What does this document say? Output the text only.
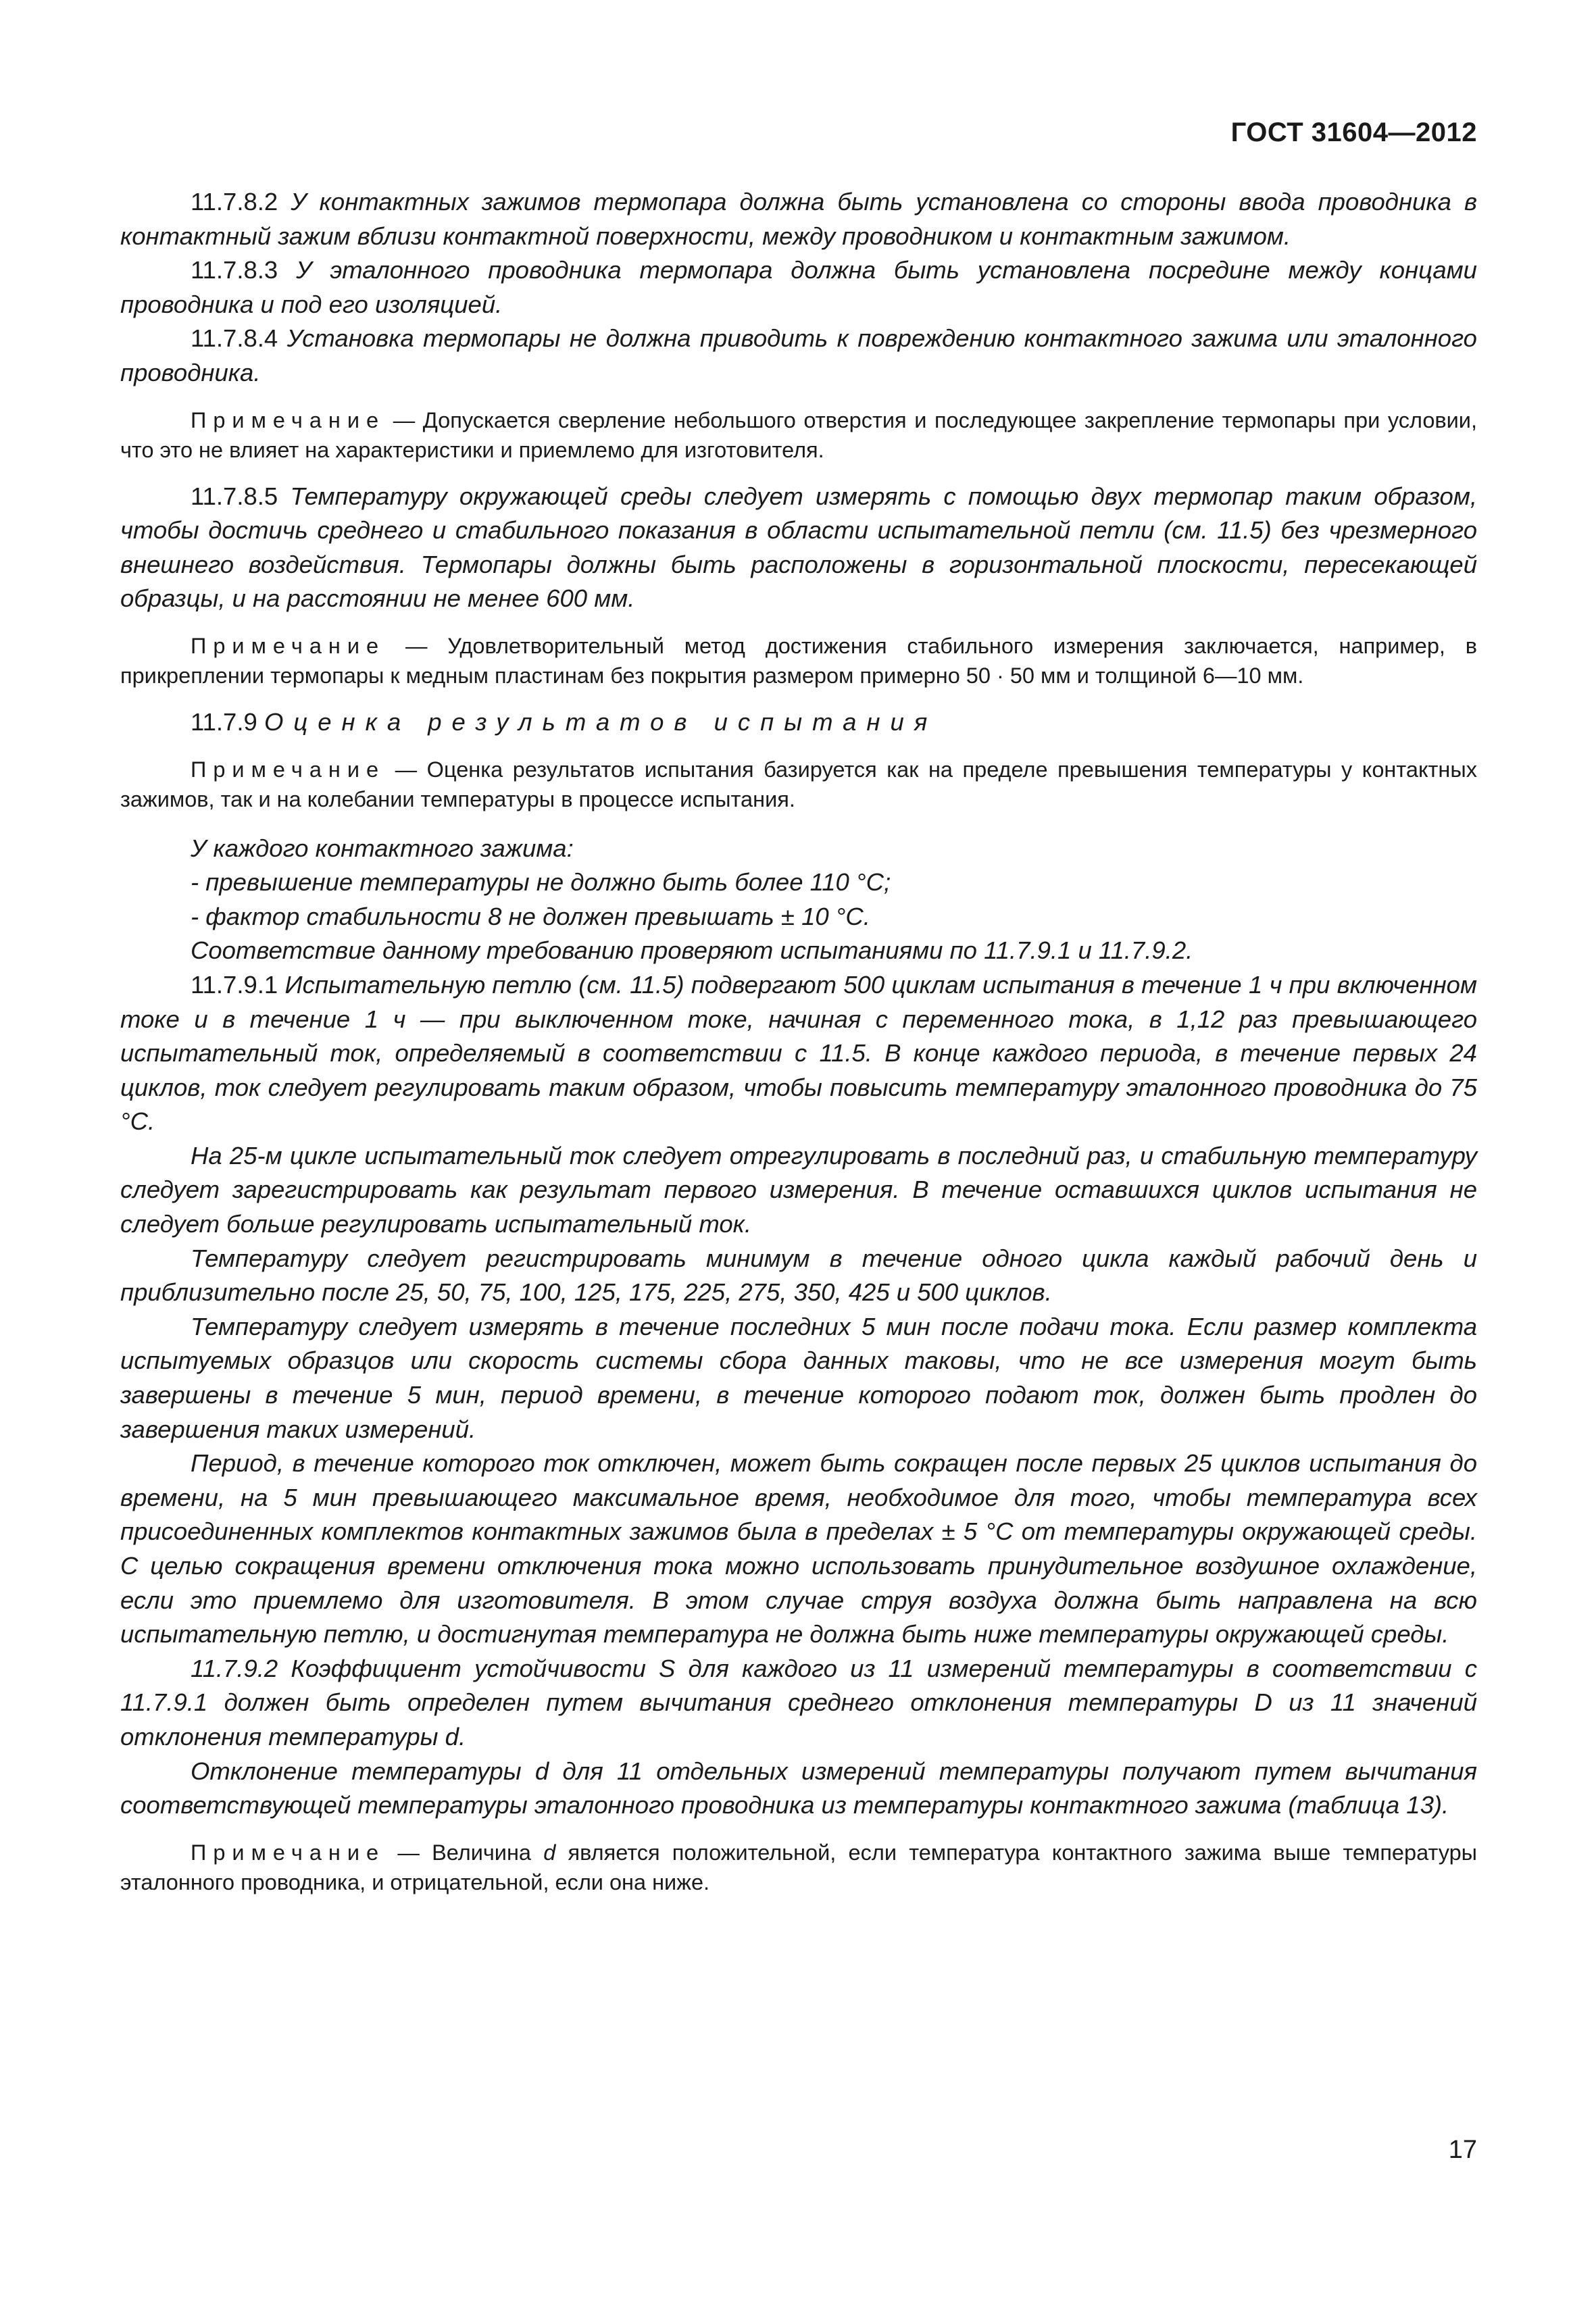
ГОСТ 31604—2012

11.7.8.2 У контактных зажимов термопара должна быть установлена со стороны ввода проводника в контактный зажим вблизи контактной поверхности, между проводником и контактным зажимом.

11.7.8.3 У эталонного проводника термопара должна быть установлена посредине между концами проводника и под его изоляцией.

11.7.8.4 Установка термопары не должна приводить к повреждению контактного зажима или эталонного проводника.

Примечание — Допускается сверление небольшого отверстия и последующее закрепление термопары при условии, что это не влияет на характеристики и приемлемо для изготовителя.

11.7.8.5 Температуру окружающей среды следует измерять с помощью двух термопар таким образом, чтобы достичь среднего и стабильного показания в области испытательной петли (см. 11.5) без чрезмерного внешнего воздействия. Термопары должны быть расположены в горизонтальной плоскости, пересекающей образцы, и на расстоянии не менее 600 мм.

Примечание — Удовлетворительный метод достижения стабильного измерения заключается, например, в прикреплении термопары к медным пластинам без покрытия размером примерно 50 · 50 мм и толщиной 6—10 мм.

11.7.9 Оценка результатов испытания

Примечание — Оценка результатов испытания базируется как на пределе превышения температуры у контактных зажимов, так и на колебании температуры в процессе испытания.

У каждого контактного зажима:

- превышение температуры не должно быть более 110 °С;

- фактор стабильности 8 не должен превышать ± 10 °С.

Соответствие данному требованию проверяют испытаниями по 11.7.9.1 и 11.7.9.2.

11.7.9.1 Испытательную петлю (см. 11.5) подвергают 500 циклам испытания в течение 1 ч при включенном токе и в течение 1 ч — при выключенном токе, начиная с переменного тока, в 1,12 раз превышающего испытательный ток, определяемый в соответствии с 11.5. В конце каждого периода, в течение первых 24 циклов, ток следует регулировать таким образом, чтобы повысить температуру эталонного проводника до 75 °С.

На 25-м цикле испытательный ток следует отрегулировать в последний раз, и стабильную температуру следует зарегистрировать как результат первого измерения. В течение оставшихся циклов испытания не следует больше регулировать испытательный ток.

Температуру следует регистрировать минимум в течение одного цикла каждый рабочий день и приблизительно после 25, 50, 75, 100, 125, 175, 225, 275, 350, 425 и 500 циклов.

Температуру следует измерять в течение последних 5 мин после подачи тока. Если размер комплекта испытуемых образцов или скорость системы сбора данных таковы, что не все измерения могут быть завершены в течение 5 мин, период времени, в течение которого подают ток, должен быть продлен до завершения таких измерений.

Период, в течение которого ток отключен, может быть сокращен после первых 25 циклов испытания до времени, на 5 мин превышающего максимальное время, необходимое для того, чтобы температура всех присоединенных комплектов контактных зажимов была в пределах ± 5 °С от температуры окружающей среды. С целью сокращения времени отключения тока можно использовать принудительное воздушное охлаждение, если это приемлемо для изготовителя. В этом случае струя воздуха должна быть направлена на всю испытательную петлю, и достигнутая температура не должна быть ниже температуры окружающей среды.

11.7.9.2 Коэффициент устойчивости S для каждого из 11 измерений температуры в соответствии с 11.7.9.1 должен быть определен путем вычитания среднего отклонения температуры D из 11 значений отклонения температуры d.

Отклонение температуры d для 11 отдельных измерений температуры получают путем вычитания соответствующей температуры эталонного проводника из температуры контактного зажима (таблица 13).

Примечание — Величина d является положительной, если температура контактного зажима выше температуры эталонного проводника, и отрицательной, если она ниже.

17
